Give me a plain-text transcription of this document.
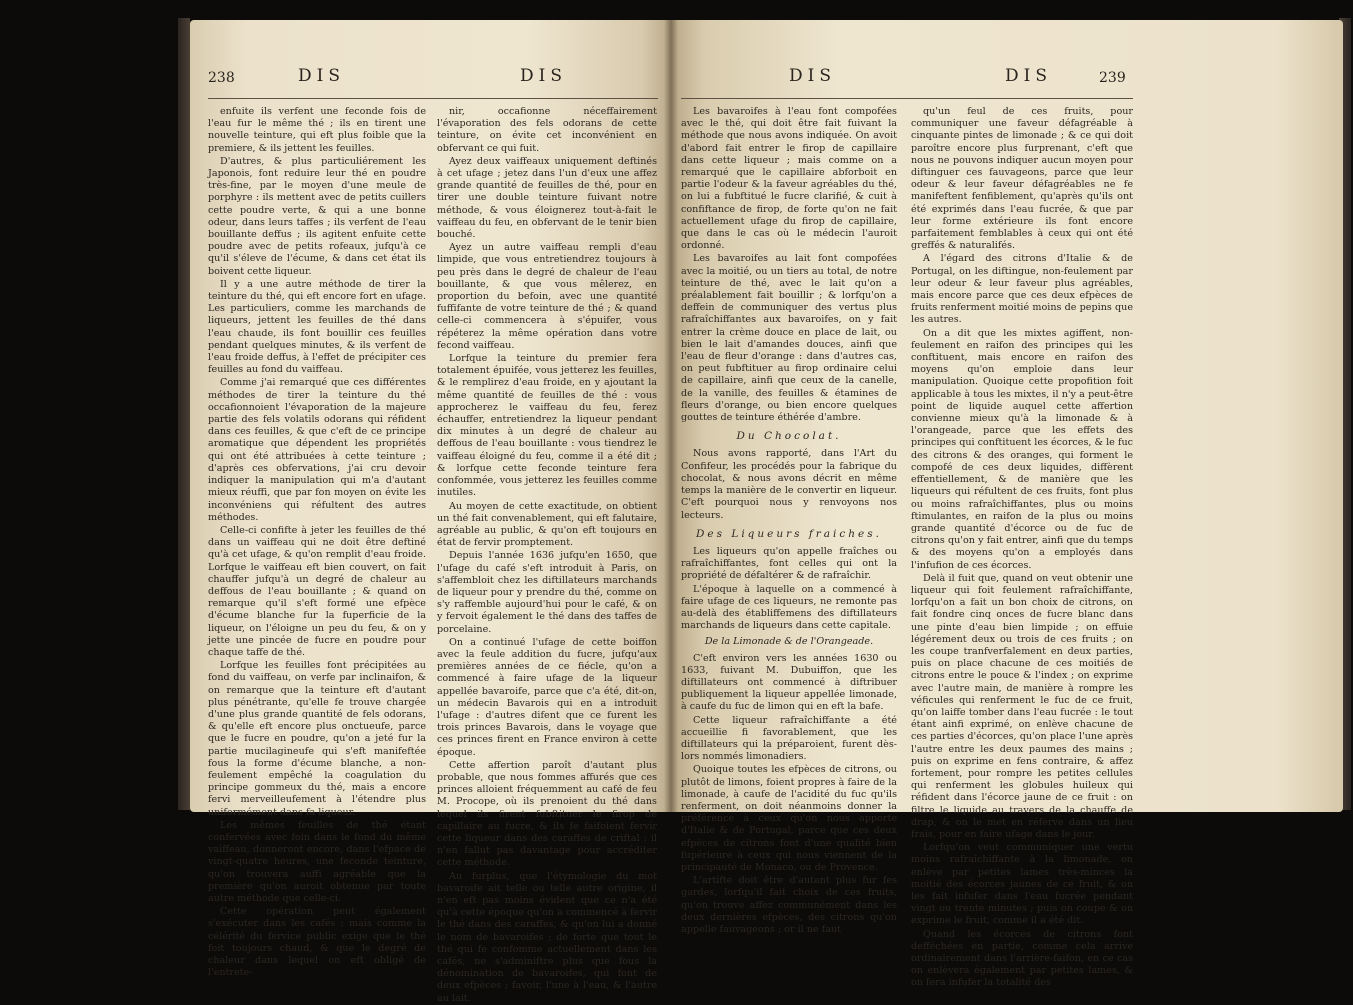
238	DIS	DIS

enfuite ils verfent une feconde fois de l'eau fur le même thé ; ils en tirent une nouvelle teinture, qui eft plus foible que la premiere, & ils jettent les feuilles.

D'autres, & plus particuliérement les Japonois, font reduire leur thé en poudre très-fine, par le moyen d'une meule de porphyre : ils mettent avec de petits cuillers cette poudre verte, & qui a une bonne odeur, dans leurs taffes ; ils verfent de l'eau bouillante deffus ; ils agitent enfuite cette poudre avec de petits rofeaux, jufqu'à ce qu'il s'éleve de l'écume, & dans cet état ils boivent cette liqueur.

Il y a une autre méthode de tirer la teinture du thé, qui eft encore fort en ufage. Les particuliers, comme les marchands de liqueurs, jettent les feuilles de thé dans l'eau chaude, ils font bouillir ces feuilles pendant quelques minutes, & ils verfent de l'eau froide deffus, à l'effet de précipiter ces feuilles au fond du vaiffeau.

Comme j'ai remarqué que ces différentes méthodes de tirer la teinture du thé occafionnoient l'évaporation de la majeure partie des fels volatils odorans qui réfident dans ces feuilles, & que c'eft de ce principe aromatique que dépendent les propriétés qui ont été attribuées à cette teinture ; d'après ces obfervations, j'ai cru devoir indiquer la manipulation qui m'a d'autant mieux réuffi, que par fon moyen on évite les inconvéniens qui réfultent des autres méthodes.

Celle-ci confifte à jeter les feuilles de thé dans un vaiffeau qui ne doit être deftiné qu'à cet ufage, & qu'on remplit d'eau froide. Lorfque le vaiffeau eft bien couvert, on fait chauffer jufqu'à un degré de chaleur au deffous de l'eau bouillante ; & quand on remarque qu'il s'eft formé une efpèce d'écume blanche fur la fuperficie de la liqueur, on l'éloigne un peu du feu, & on y jette une pincée de fucre en poudre pour chaque taffe de thé.

Lorfque les feuilles font précipitées au fond du vaiffeau, on verfe par inclinaifon, & on remarque que la teinture eft d'autant plus pénétrante, qu'elle fe trouve chargée d'une plus grande quantité de fels odorans, & qu'elle eft encore plus onctueufe, parce que le fucre en poudre, qu'on a jeté fur la partie mucilagineufe qui s'eft manifeftée fous la forme d'écume blanche, a non-feulement empêché la coagulation du principe gommeux du thé, mais a encore fervi merveilleufement à l'étendre plus uniformément dans fa liqueur.

Les mêmes feuilles de thé étant confervées avec foin dans le fond du même vaiffeau, donneront encore, dans l'efpace de vingt-quatre heures, une feconde teinture, qu'on trouvera auffi agréable que la première qu'on auroit obtenue par toute autre méthode que celle-ci.

Cette opération peut également s'exécuter dans les cafés ; mais comme la célérité du fervice public exige que le thé foit toujours chaud, & que le degré de chaleur dans lequel on eft obligé de l'entrete-

nir, occafionne néceffairement l'évaporation des fels odorans de cette teinture, on évite cet inconvénient en obfervant ce qui fuit.

Ayez deux vaiffeaux uniquement deftinés à cet ufage ; jetez dans l'un d'eux une affez grande quantité de feuilles de thé, pour en tirer une double teinture fuivant notre méthode, & vous éloignerez tout-à-fait le vaiffeau du feu, en obfervant de le tenir bien bouché.

Ayez un autre vaiffeau rempli d'eau limpide, que vous entretiendrez toujours à peu près dans le degré de chaleur de l'eau bouillante, & que vous mêlerez, en proportion du befoin, avec une quantité fuffifante de votre teinture de thé ; & quand celle-ci commencera à s'épuifer, vous répéterez la même opération dans votre fecond vaiffeau.

Lorfque la teinture du premier fera totalement épuifée, vous jetterez les feuilles, & le remplirez d'eau froide, en y ajoutant la même quantité de feuilles de thé : vous approcherez le vaiffeau du feu, ferez échauffer, entretiendrez la liqueur pendant dix minutes à un degré de chaleur au deffous de l'eau bouillante : vous tiendrez le vaiffeau éloigné du feu, comme il a été dit ; & lorfque cette feconde teinture fera confommée, vous jetterez les feuilles comme inutiles.

Au moyen de cette exactitude, on obtient un thé fait convenablement, qui eft falutaire, agréable au public, & qu'on eft toujours en état de fervir promptement.

Depuis l'année 1636 jufqu'en 1650, que l'ufage du café s'eft introduit à Paris, on s'affembloit chez les diftillateurs marchands de liqueur pour y prendre du thé, comme on s'y raffemble aujourd'hui pour le café, & on y fervoit également le thé dans des taffes de porcelaine.

On a continué l'ufage de cette boiffon avec la feule addition du fucre, jufqu'aux premières années de ce fiécle, qu'on a commencé à faire ufage de la liqueur appellée bavaroife, parce que c'a été, dit-on, un médecin Bavarois qui en a introduit l'ufage : d'autres difent que ce furent les trois princes Bavarois, dans le voyage que ces princes firent en France environ à cette époque.

Cette affertion paroît d'autant plus probable, que nous fommes affurés que ces princes alloient fréquemment au café de feu M. Procope, où ils prenoient du thé dans lequel ils firent fubftituer le firop de capillaire au fucre, & ils fe faifoient fervir cette liqueur dans des caraffes de criftal : il n'en fallut pas davantage pour accréditer cette méthode.

Au furplus, que l'étymologie du mot bavaroife ait telle ou telle autre origine, il n'en eft pas moins évident que ce n'a été qu'à cette époque qu'on a commencé à fervir le thé dans des caraffes, & qu'on lui a donné le nom de bavaroifes ; de forte que tout le thé qui fe confomme actuellement dans les cafés, ne s'adminiftre plus que fous la dénomination de bavaroifes, qui font de deux efpèces ; favoir, l'une à l'eau, & l'autre au lait.

DIS	DIS	239

Les bavaroifes à l'eau font compofées avec le thé, qui doit être fait fuivant la méthode que nous avons indiquée. On avoit d'abord fait entrer le firop de capillaire dans cette liqueur ; mais comme on a remarqué que le capillaire abforboit en partie l'odeur & la faveur agréables du thé, on lui a fubftitué le fucre clarifié, & cuit à confiftance de firop, de forte qu'on ne fait actuellement ufage du firop de capillaire, que dans le cas où le médecin l'auroit ordonné.

Les bavaroifes au lait font compofées avec la moitié, ou un tiers au total, de notre teinture de thé, avec le lait qu'on a préalablement fait bouillir ; & lorfqu'on a deffein de communiquer des vertus plus rafraîchiffantes aux bavaroifes, on y fait entrer la crème douce en place de lait, ou bien le lait d'amandes douces, ainfi que l'eau de fleur d'orange : dans d'autres cas, on peut fubftituer au firop ordinaire celui de capillaire, ainfi que ceux de la canelle, de la vanille, des feuilles & étamines de fleurs d'orange, ou bien encore quelques gouttes de teinture éthérée d'ambre.

Du Chocolat.

Nous avons rapporté, dans l'Art du Confifeur, les procédés pour la fabrique du chocolat, & nous avons décrit en même temps la manière de le convertir en liqueur. C'eft pourquoi nous y renvoyons nos lecteurs.

Des Liqueurs fraiches.

Les liqueurs qu'on appelle fraîches ou rafraîchiffantes, font celles qui ont la propriété de défaltérer & de rafraîchir.

L'époque à laquelle on a commencé à faire ufage de ces liqueurs, ne remonte pas au-delà des établiffemens des diftillateurs marchands de liqueurs dans cette capitale.

De la Limonade & de l'Orangeade.

C'eft environ vers les années 1630 ou 1633, fuivant M. Dubuiffon, que les diftillateurs ont commencé à diftribuer publiquement la liqueur appellée limonade, à caufe du fuc de limon qui en eft la bafe.

Cette liqueur rafraîchiffante a été accueillie fi favorablement, que les diftillateurs qui la préparoient, furent dès-lors nommés limonadiers.

Quoique toutes les efpèces de citrons, ou plutôt de limons, foient propres à faire de la limonade, à caufe de l'acidité du fuc qu'ils renferment, on doit néanmoins donner la préférence à ceux qu'on nous apporte d'Italie & de Portugal, parce que ces deux efpèces de citrons font d'une qualité bien fupérieure à ceux qui nous viennent de la principauté de Monaco, ou de Provence.

L'artifte doit être d'autant plus fur fes gardes, lorfqu'il fait choix de ces fruits, qu'on trouve affez communément dans les deux dernières efpèces, des citrons qu'on appelle fauvageons ; or il ne faut

qu'un feul de ces fruits, pour communiquer une faveur défagréable à cinquante pintes de limonade ; & ce qui doit paroître encore plus furprenant, c'eft que nous ne pouvons indiquer aucun moyen pour diftinguer ces fauvageons, parce que leur odeur & leur faveur défagréables ne fe manifeftent fenfiblement, qu'après qu'ils ont été exprimés dans l'eau fucrée, & que par leur forme extérieure ils font encore parfaitement femblables à ceux qui ont été greffés & naturalifés.

A l'égard des citrons d'Italie & de Portugal, on les diftingue, non-feulement par leur odeur & leur faveur plus agréables, mais encore parce que ces deux efpèces de fruits renferment moitié moins de pepins que les autres.

On a dit que les mixtes agiffent, non-feulement en raifon des principes qui les conftituent, mais encore en raifon des moyens qu'on emploie dans leur manipulation. Quoique cette propofition foit applicable à tous les mixtes, il n'y a peut-être point de liquide auquel cette affertion convienne mieux qu'à la limonade & à l'orangeade, parce que les effets des principes qui conftituent les écorces, & le fuc des citrons & des oranges, qui forment le compofé de ces deux liquides, diffèrent effentiellement, & de manière que les liqueurs qui réfultent de ces fruits, font plus ou moins rafraîchiffantes, plus ou moins ftimulantes, en raifon de la plus ou moins grande quantité d'écorce ou de fuc de citrons qu'on y fait entrer, ainfi que du temps & des moyens qu'on a employés dans l'infufion de ces écorces.

Delà il fuit que, quand on veut obtenir une liqueur qui foit feulement rafraîchiffante, lorfqu'on a fait un bon choix de citrons, on fait fondre cinq onces de fucre blanc dans une pinte d'eau bien limpide ; on effuie légérement deux ou trois de ces fruits ; on les coupe tranfverfalement en deux parties, puis on place chacune de ces moitiés de citrons entre le pouce & l'index ; on exprime avec l'autre main, de manière à rompre les véficules qui renferment le fuc de ce fruit, qu'on laiffe tomber dans l'eau fucrée : le tout étant ainfi exprimé, on enlève chacune de ces parties d'écorces, qu'on place l'une après l'autre entre les deux paumes des mains ; puis on exprime en fens contraire, & affez fortement, pour rompre les petites cellules qui renferment les globules huileux qui réfident dans l'écorce jaune de ce fruit : on filtre le liquide au travers de la chauffe de drap, & on le met en réferve dans un lieu frais, pour en faire ufage dans le jour.

Lorfqu'on veut communiquer une vertu moins rafraîchiffante à la limonade, on enlève par petites lames très-minces la moitié des écorces jaunes de ce fruit, & on les fait infufer dans l'eau fucrée pendant vingt ou trente minutes ; puis on coupe & on exprime le fruit, comme il a été dit.

Quand les écorces de citrons font defféchées en partie, comme cela arrive ordinairement dans l'arrière-faifon, en ce cas on enlèvera également par petites lames, & on fera infufer la totalité des
